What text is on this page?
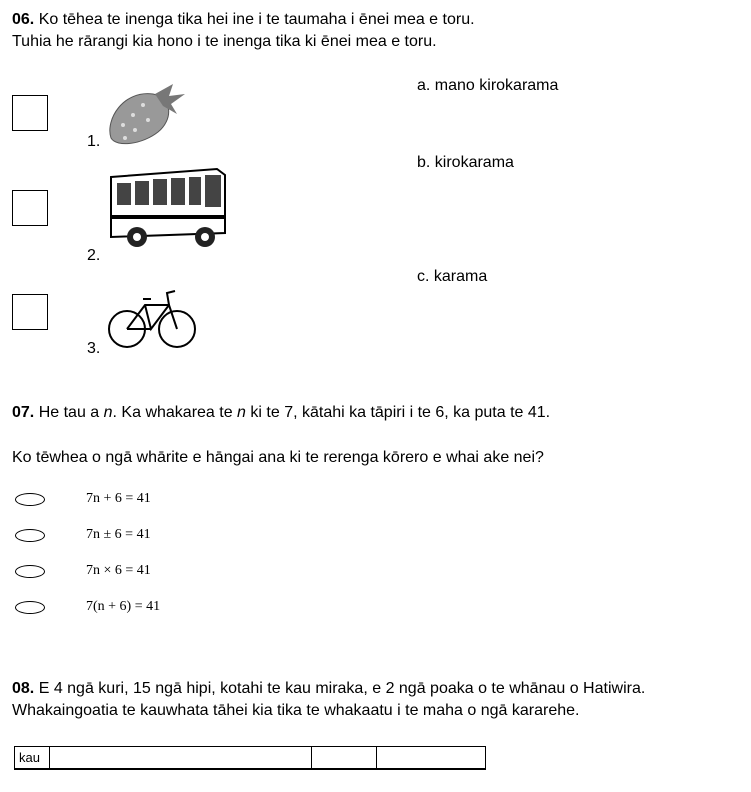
06. Ko tēhea te inenga tika hei ine i te taumaha i ēnei mea e toru.
Tuhia he rārangi kia hono i te inenga tika ki ēnei mea e toru.
1.
2.
3.
a. mano kirokarama
b. kirokarama
c. karama
07. He tau a n. Ka whakarea te n ki te 7, kātahi ka tāpiri i te 6, ka puta te 41.
Ko tēwhea o ngā whārite e hāngai ana ki te rerenga kōrero e whai ake nei?
7n + 6 = 41
7n ± 6 = 41
7n × 6 = 41
7(n + 6) = 41
08. E 4 ngā kuri, 15 ngā hipi, kotahi te kau miraka, e 2 ngā poaka o te whānau o Hatiwira.
Whakaingoatia te kauwhata tāhei kia tika te whakaatu i te maha o ngā kararehe.
kau			
